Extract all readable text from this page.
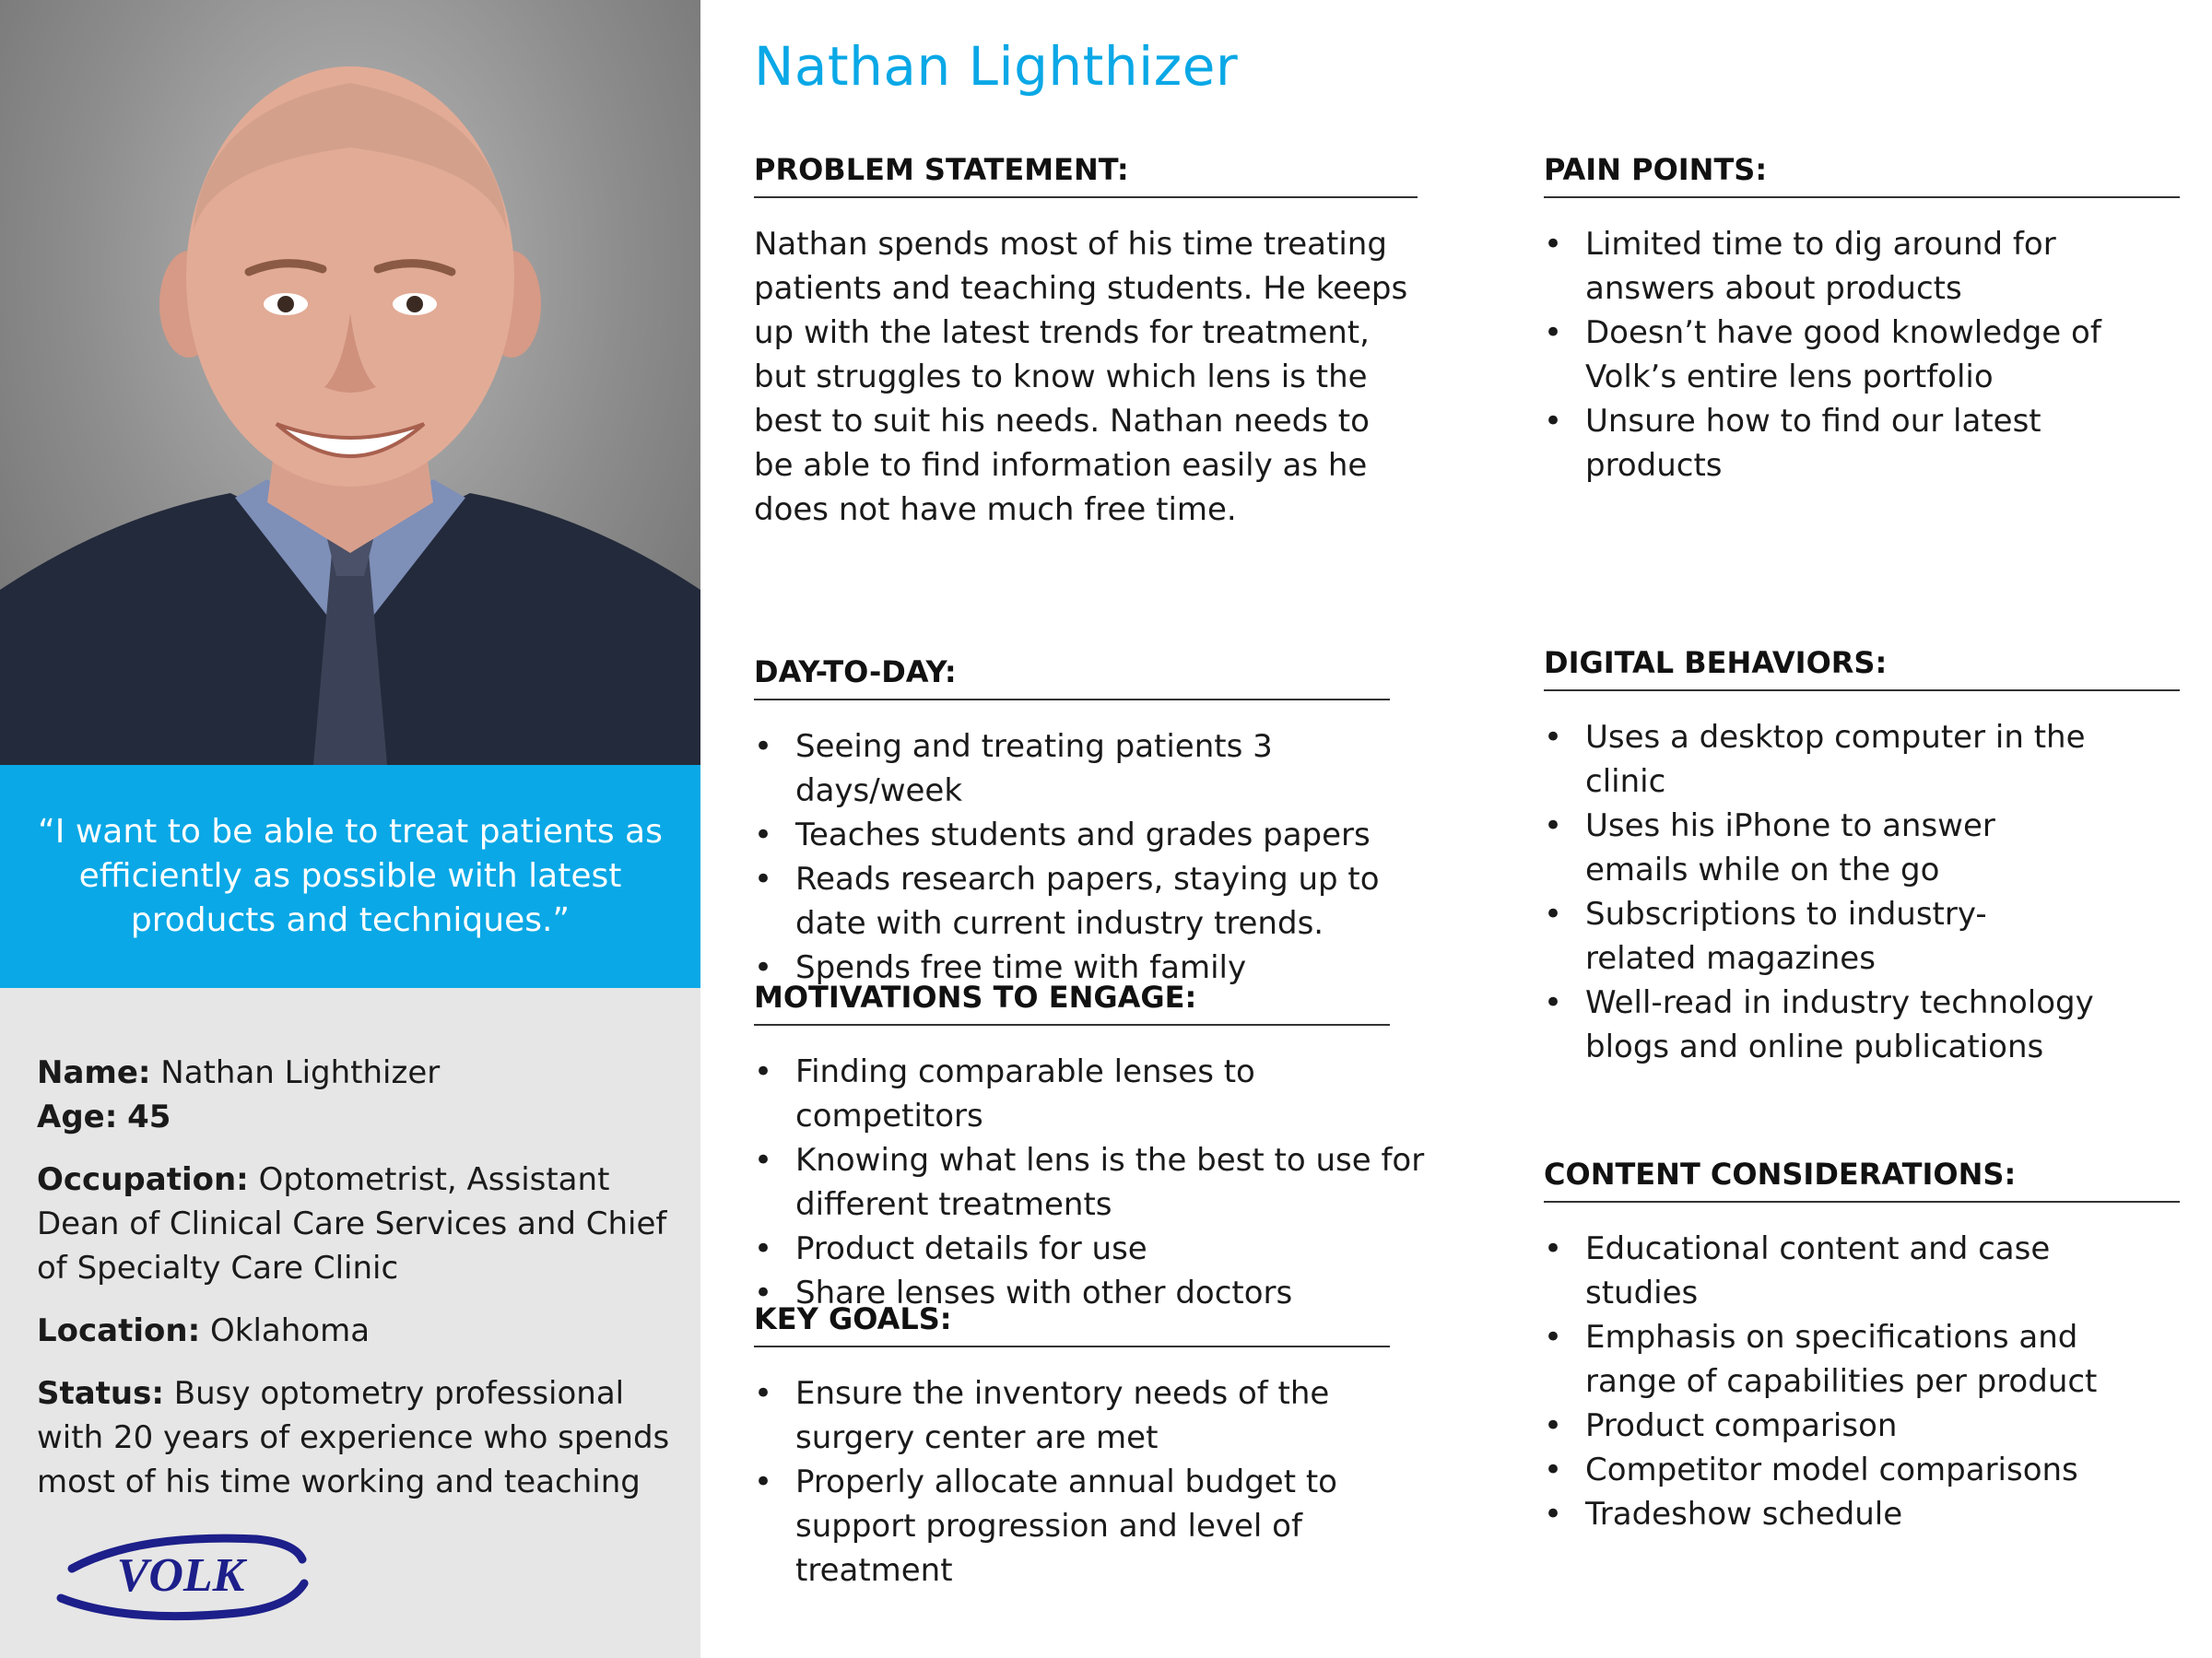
“I want to be able to treat patients as efficiently as possible with latest products and techniques.”

Name: Nathan Lighthizer

Age: 45

Occupation: Optometrist, Assistant Dean of Clinical Care Services and Chief of Specialty Care Clinic

Location: Oklahoma

Status: Busy optometry professional with 20 years of experience who spends most of his time working and teaching

VOLK
Nathan Lighthizer
PROBLEM STATEMENT:

Nathan spends most of his time treating patients and teaching students. He keeps up with the latest trends for treatment, but struggles to know which lens is the best to suit his needs. Nathan needs to be able to find information easily as he does not have much free time.

PAIN POINTS:
• Limited time to dig around for answers about products
• Doesn’t have good knowledge of Volk’s entire lens portfolio
• Unsure how to find our latest products
DAY-TO-DAY:
• Seeing and treating patients 3 days/week
• Teaches students and grades papers
• Reads research papers, staying up to date with current industry trends.
• Spends free time with family
DIGITAL BEHAVIORS:
• Uses a desktop computer in the clinic
• Uses his iPhone to answer emails while on the go
• Subscriptions to industry-related magazines
• Well-read in industry technology blogs and online publications
MOTIVATIONS TO ENGAGE:
• Finding comparable lenses to competitors
• Knowing what lens is the best to use for different treatments
• Product details for use
• Share lenses with other doctors
CONTENT CONSIDERATIONS:
• Educational content and case studies
• Emphasis on specifications and range of capabilities per product
• Product comparison
• Competitor model comparisons
• Tradeshow schedule
KEY GOALS:
• Ensure the inventory needs of the surgery center are met
• Properly allocate annual budget to support progression and level of treatment
